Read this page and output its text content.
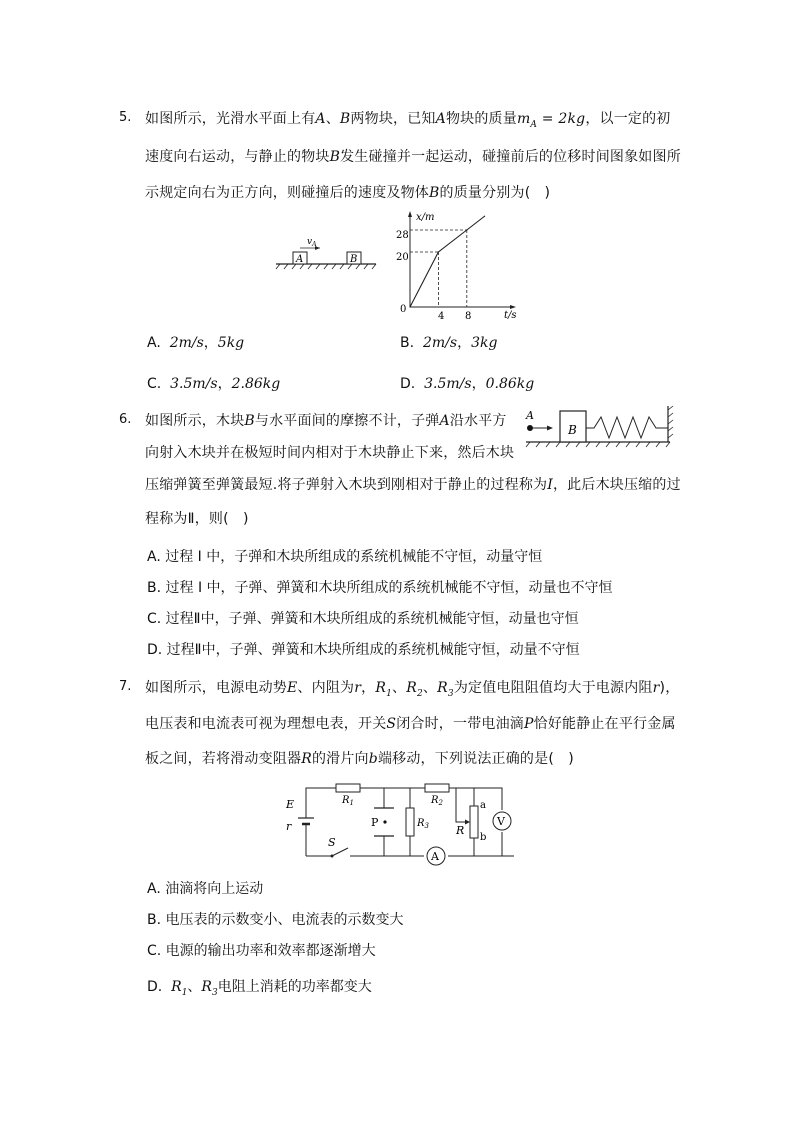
5. 如图所示，光滑水平面上有A、B两物块，已知A物块的质量$m_A = 2kg$，以一定的初
速度向右运动，与静止的物块B发生碰撞并一起运动，碰撞前后的位移时间图象如图所
示规定向右为正方向，则碰撞后的速度及物体B的质量分别为(　)
A	B
$v_A$
x/m
t/s
0
20
28
4 8
A. 2m/s，5kg	B. 2m/s，3kg
C. 3.5m/s，2.86kg	D. 3.5m/s，0.86kg
6. 如图所示，木块B与水平面间的摩擦不计，子弹A沿水平方
向射入木块并在极短时间内相对于木块静止下来，然后木块
压缩弹簧至弹簧最短.将子弹射入木块到刚相对于静止的过程称为I，此后木块压缩的过
程称为Ⅱ，则(　)
A
B
A. 过程 I 中，子弹和木块所组成的系统机械能不守恒，动量守恒
B. 过程 I 中，子弹、弹簧和木块所组成的系统机械能不守恒，动量也不守恒
C. 过程Ⅱ中，子弹、弹簧和木块所组成的系统机械能守恒，动量也守恒
D. 过程Ⅱ中，子弹、弹簧和木块所组成的系统机械能守恒，动量不守恒
7. 如图所示，电源电动势E、内阻为r，$R_1$、$R_2$、$R_3$为定值电阻阻值均大于电源内阻r)，
电压表和电流表可视为理想电表，开关S闭合时，一带电油滴P恰好能静止在平行金属
板之间，若将滑动变阻器R的滑片向b端移动，下列说法正确的是(　)
E
r
S
$R_1$	$R_2$
P	$R_3$ R
a
b
V
A
A. 油滴将向上运动
B. 电压表的示数变小、电流表的示数变大
C. 电源的输出功率和效率都逐渐增大
D. $R_1$、$R_3$电阻上消耗的功率都变大
